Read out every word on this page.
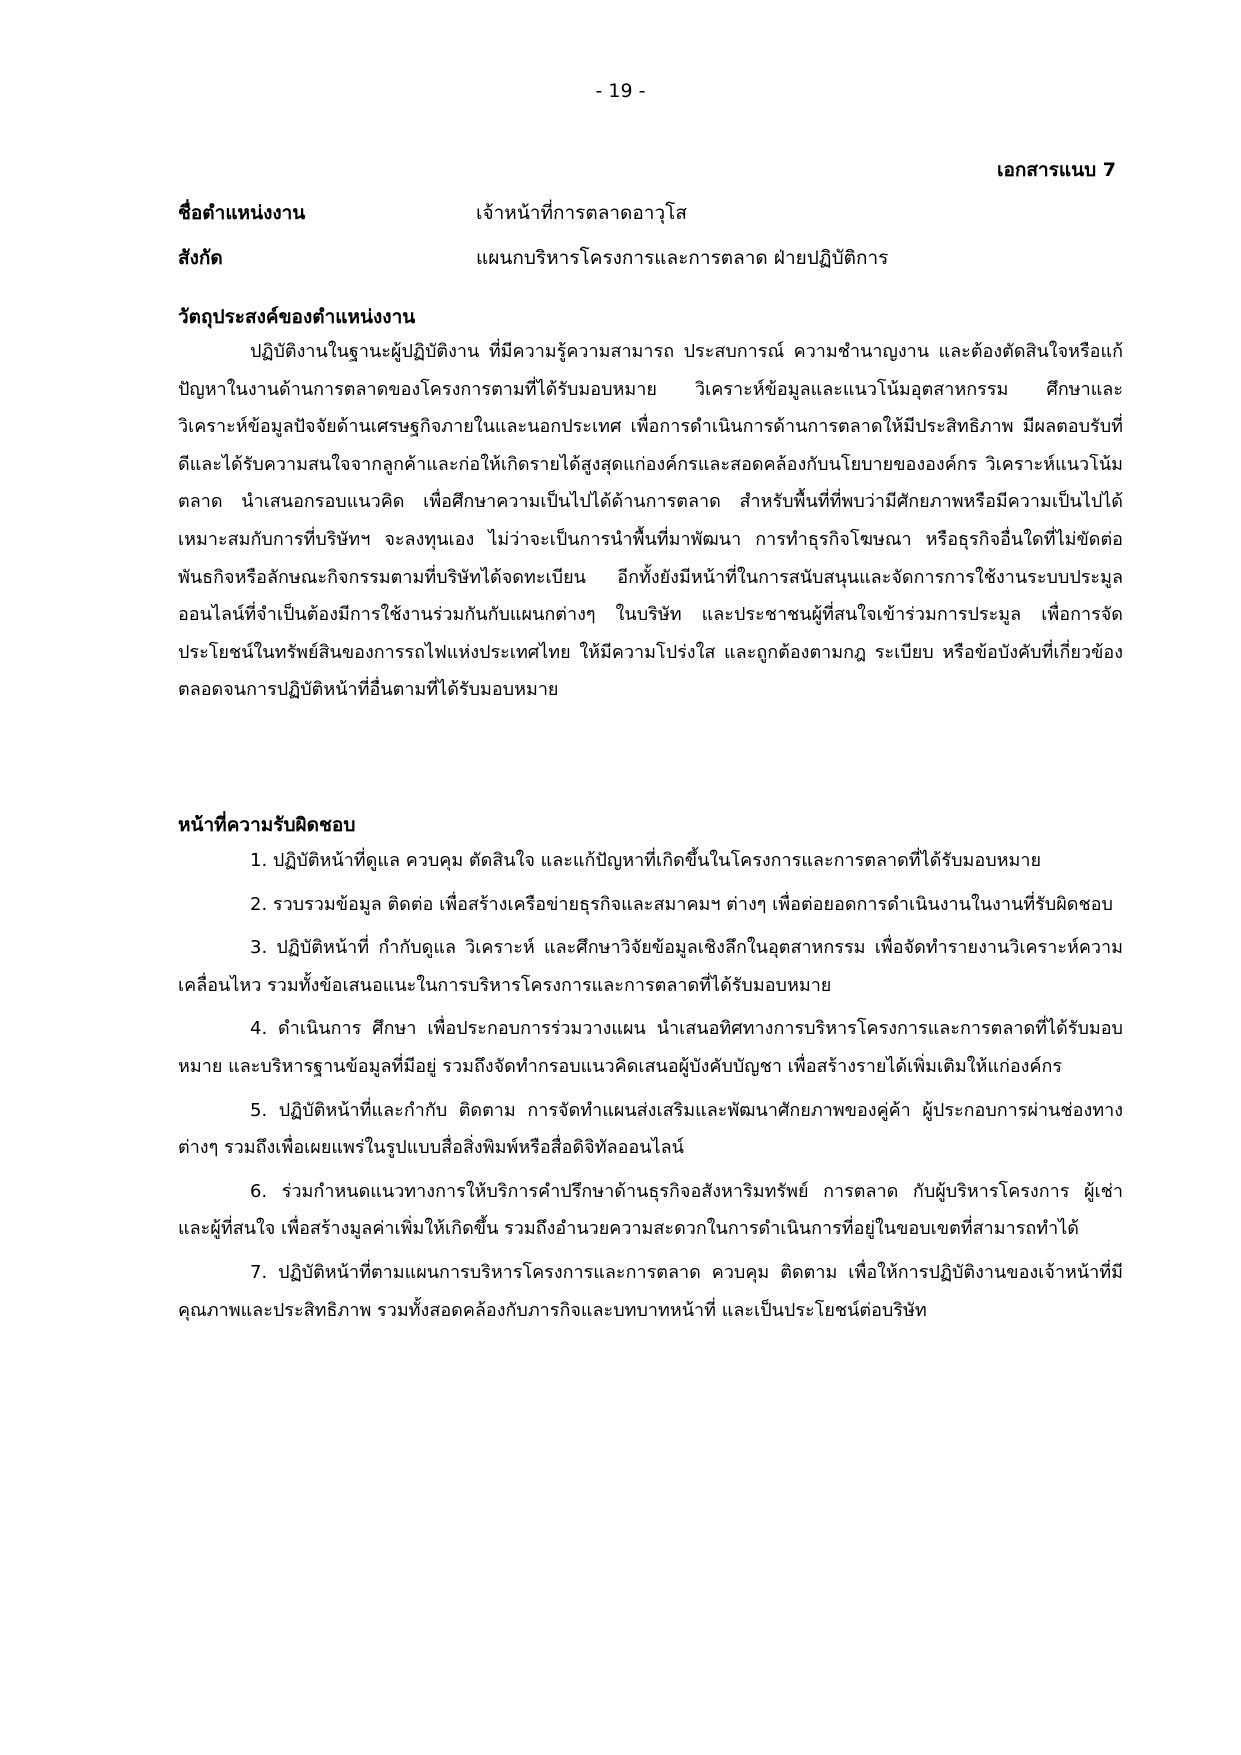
- 19 -
เอกสารแนบ 7
ชื่อตำแหน่งงาน	เจ้าหน้าที่การตลาดอาวุโส
สังกัด	แผนกบริหารโครงการและการตลาด ฝ่ายปฏิบัติการ
วัตถุประสงค์ของตำแหน่งงาน

ปฏิบัติงานในฐานะผู้ปฏิบัติงาน ที่มีความรู้ความสามารถ ประสบการณ์ ความชำนาญงาน และต้องตัดสินใจหรือแก้ปัญหาในงานด้านการตลาดของโครงการตามที่ได้รับมอบหมาย วิเคราะห์ข้อมูลและแนวโน้มอุตสาหกรรม ศึกษาและวิเคราะห์ข้อมูลปัจจัยด้านเศรษฐกิจภายในและนอกประเทศ เพื่อการดำเนินการด้านการตลาดให้มีประสิทธิภาพ มีผลตอบรับที่ดีและได้รับความสนใจจากลูกค้าและก่อให้เกิดรายได้สูงสุดแก่องค์กรและสอดคล้องกับนโยบายขององค์กร วิเคราะห์แนวโน้มตลาด นำเสนอกรอบแนวคิด เพื่อศึกษาความเป็นไปได้ด้านการตลาด สำหรับพื้นที่ที่พบว่ามีศักยภาพหรือมีความเป็นไปได้เหมาะสมกับการที่บริษัทฯ จะลงทุนเอง ไม่ว่าจะเป็นการนำพื้นที่มาพัฒนา การทำธุรกิจโฆษณา หรือธุรกิจอื่นใดที่ไม่ขัดต่อพันธกิจหรือลักษณะกิจกรรมตามที่บริษัทได้จดทะเบียน อีกทั้งยังมีหน้าที่ในการสนับสนุนและจัดการการใช้งานระบบประมูลออนไลน์ที่จำเป็นต้องมีการใช้งานร่วมกันกับแผนกต่างๆ ในบริษัท และประชาชนผู้ที่สนใจเข้าร่วมการประมูล เพื่อการจัดประโยชน์ในทรัพย์สินของการรถไฟแห่งประเทศไทย ให้มีความโปร่งใส และถูกต้องตามกฎ ระเบียบ หรือข้อบังคับที่เกี่ยวข้อง ตลอดจนการปฏิบัติหน้าที่อื่นตามที่ได้รับมอบหมาย

หน้าที่ความรับผิดชอบ

1. ปฏิบัติหน้าที่ดูแล ควบคุม ตัดสินใจ และแก้ปัญหาที่เกิดขึ้นในโครงการและการตลาดที่ได้รับมอบหมาย

2. รวบรวมข้อมูล ติดต่อ เพื่อสร้างเครือข่ายธุรกิจและสมาคมฯ ต่างๆ เพื่อต่อยอดการดำเนินงานในงานที่รับผิดชอบ

3. ปฏิบัติหน้าที่ กำกับดูแล วิเคราะห์ และศึกษาวิจัยข้อมูลเชิงลึกในอุตสาหกรรม เพื่อจัดทำรายงานวิเคราะห์ความเคลื่อนไหว รวมทั้งข้อเสนอแนะในการบริหารโครงการและการตลาดที่ได้รับมอบหมาย

4. ดำเนินการ ศึกษา เพื่อประกอบการร่วมวางแผน นำเสนอทิศทางการบริหารโครงการและการตลาดที่ได้รับมอบหมาย และบริหารฐานข้อมูลที่มีอยู่ รวมถึงจัดทำกรอบแนวคิดเสนอผู้บังคับบัญชา เพื่อสร้างรายได้เพิ่มเติมให้แก่องค์กร

5. ปฏิบัติหน้าที่และกำกับ ติดตาม การจัดทำแผนส่งเสริมและพัฒนาศักยภาพของคู่ค้า ผู้ประกอบการผ่านช่องทางต่างๆ รวมถึงเพื่อเผยแพร่ในรูปแบบสื่อสิ่งพิมพ์หรือสื่อดิจิทัลออนไลน์

6. ร่วมกำหนดแนวทางการให้บริการคำปรึกษาด้านธุรกิจอสังหาริมทรัพย์ การตลาด กับผู้บริหารโครงการ ผู้เช่า และผู้ที่สนใจ เพื่อสร้างมูลค่าเพิ่มให้เกิดขึ้น รวมถึงอำนวยความสะดวกในการดำเนินการที่อยู่ในขอบเขตที่สามารถทำได้

7. ปฏิบัติหน้าที่ตามแผนการบริหารโครงการและการตลาด ควบคุม ติดตาม เพื่อให้การปฏิบัติงานของเจ้าหน้าที่มีคุณภาพและประสิทธิภาพ รวมทั้งสอดคล้องกับภารกิจและบทบาทหน้าที่ และเป็นประโยชน์ต่อบริษัท
